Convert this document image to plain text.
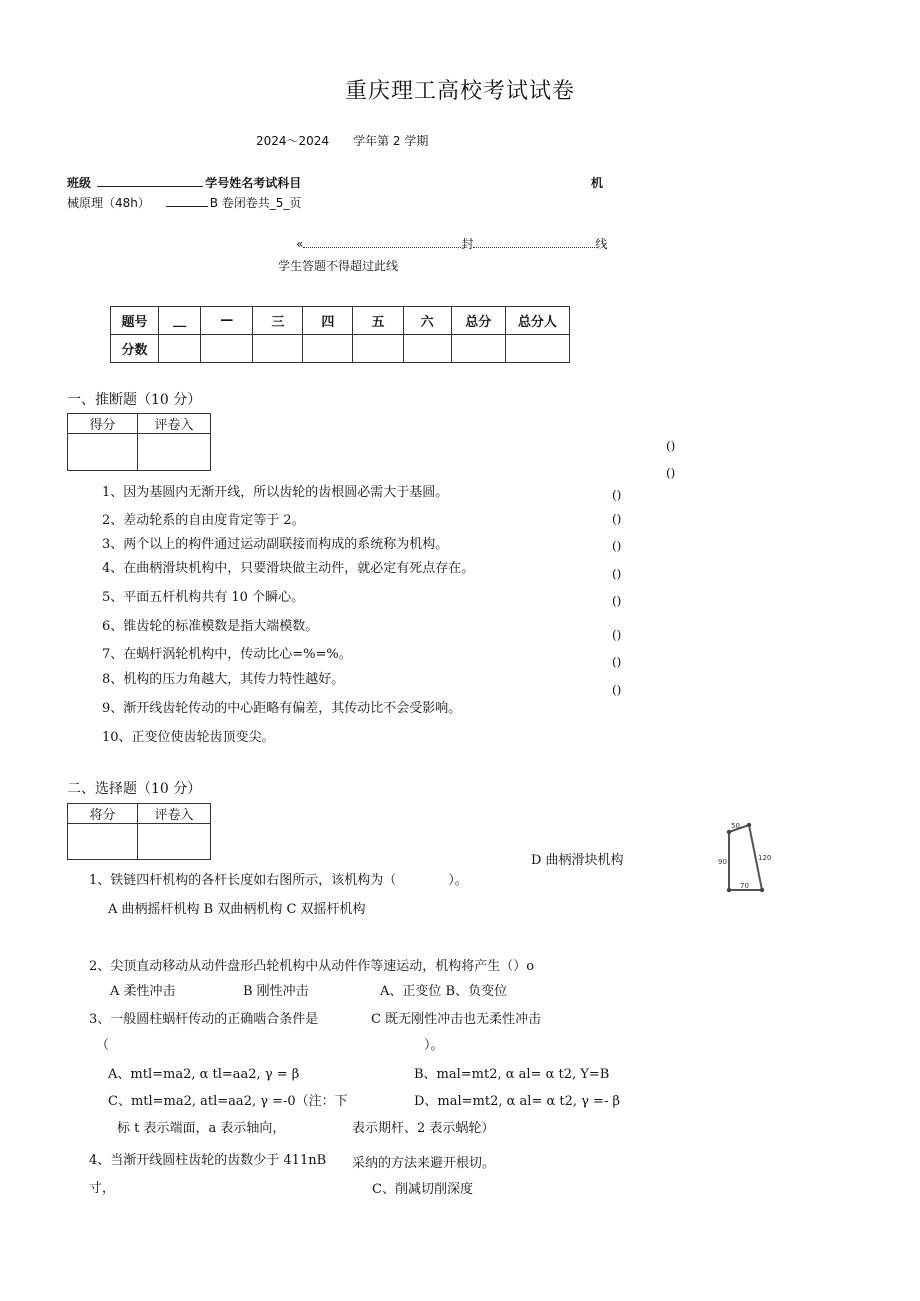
重庆理工高校考试试卷
2024～2024　　学年第 2 学期
班级	学号姓名考试科目	机
械原理（48h）	B 卷闭卷共_5_页
«	封	线
学生答题不得超过此线
题号	__	—	三	四	五	六	总分	总分人
分数								
一、推断题（10 分）
得分	评卷入

1、因为基圆内无渐开线，所以齿轮的齿根圆必需大于基圆。
2、差动轮系的自由度肯定等于 2。
3、两个以上的构件通过运动副联接而构成的系统称为机构。
4、在曲柄滑块机构中，只要滑块做主动件，就必定有死点存在。
5、平面五杆机构共有 10 个瞬心。
6、锥齿轮的标准模数是指大端模数。
7、在蜗杆涡轮机构中，传动比心=%=%。
8、机构的压力角越大，其传力特性越好。
9、渐开线齿轮传动的中心距略有偏差，其传动比不会受影响。
10、正变位使齿轮齿顶变尖。
()
()
()
()
()
()
()
()
()
()
二、选择题（10 分）
将分	评卷入

D 曲柄滑块机构
1、铁链四杆机构的各杆长度如右图所示，该机构为（　　　　）。
A 曲柄摇杆机构 B 双曲柄机构 C 双摇杆机构
2、尖顶直动移动从动件盘形凸轮机构中从动件作等速运动，机构将产生（）o
A 柔性冲击	B 刚性冲击	A、正变位 B、负变位
3、一般圆柱蜗杆传动的正确啮合条件是	C 既无刚性冲击也无柔性冲击
（	）。
A、mtl=ma2, α tl=aa2, γ = β	B、mal=mt2, α al= α t2, Y=B
C、mtl=ma2, atl=aa2, γ =-0（注：下	D、mal=mt2, α al= α t2, γ =- β
标 t 表示端面，a 表示轴向，	表示期杆、2 表示蜗轮）
4、当渐开线圆柱齿轮的齿数少于 411nB 采纳的方法来避开根切。
寸，	C、削减切削深度
50
90	120
70
